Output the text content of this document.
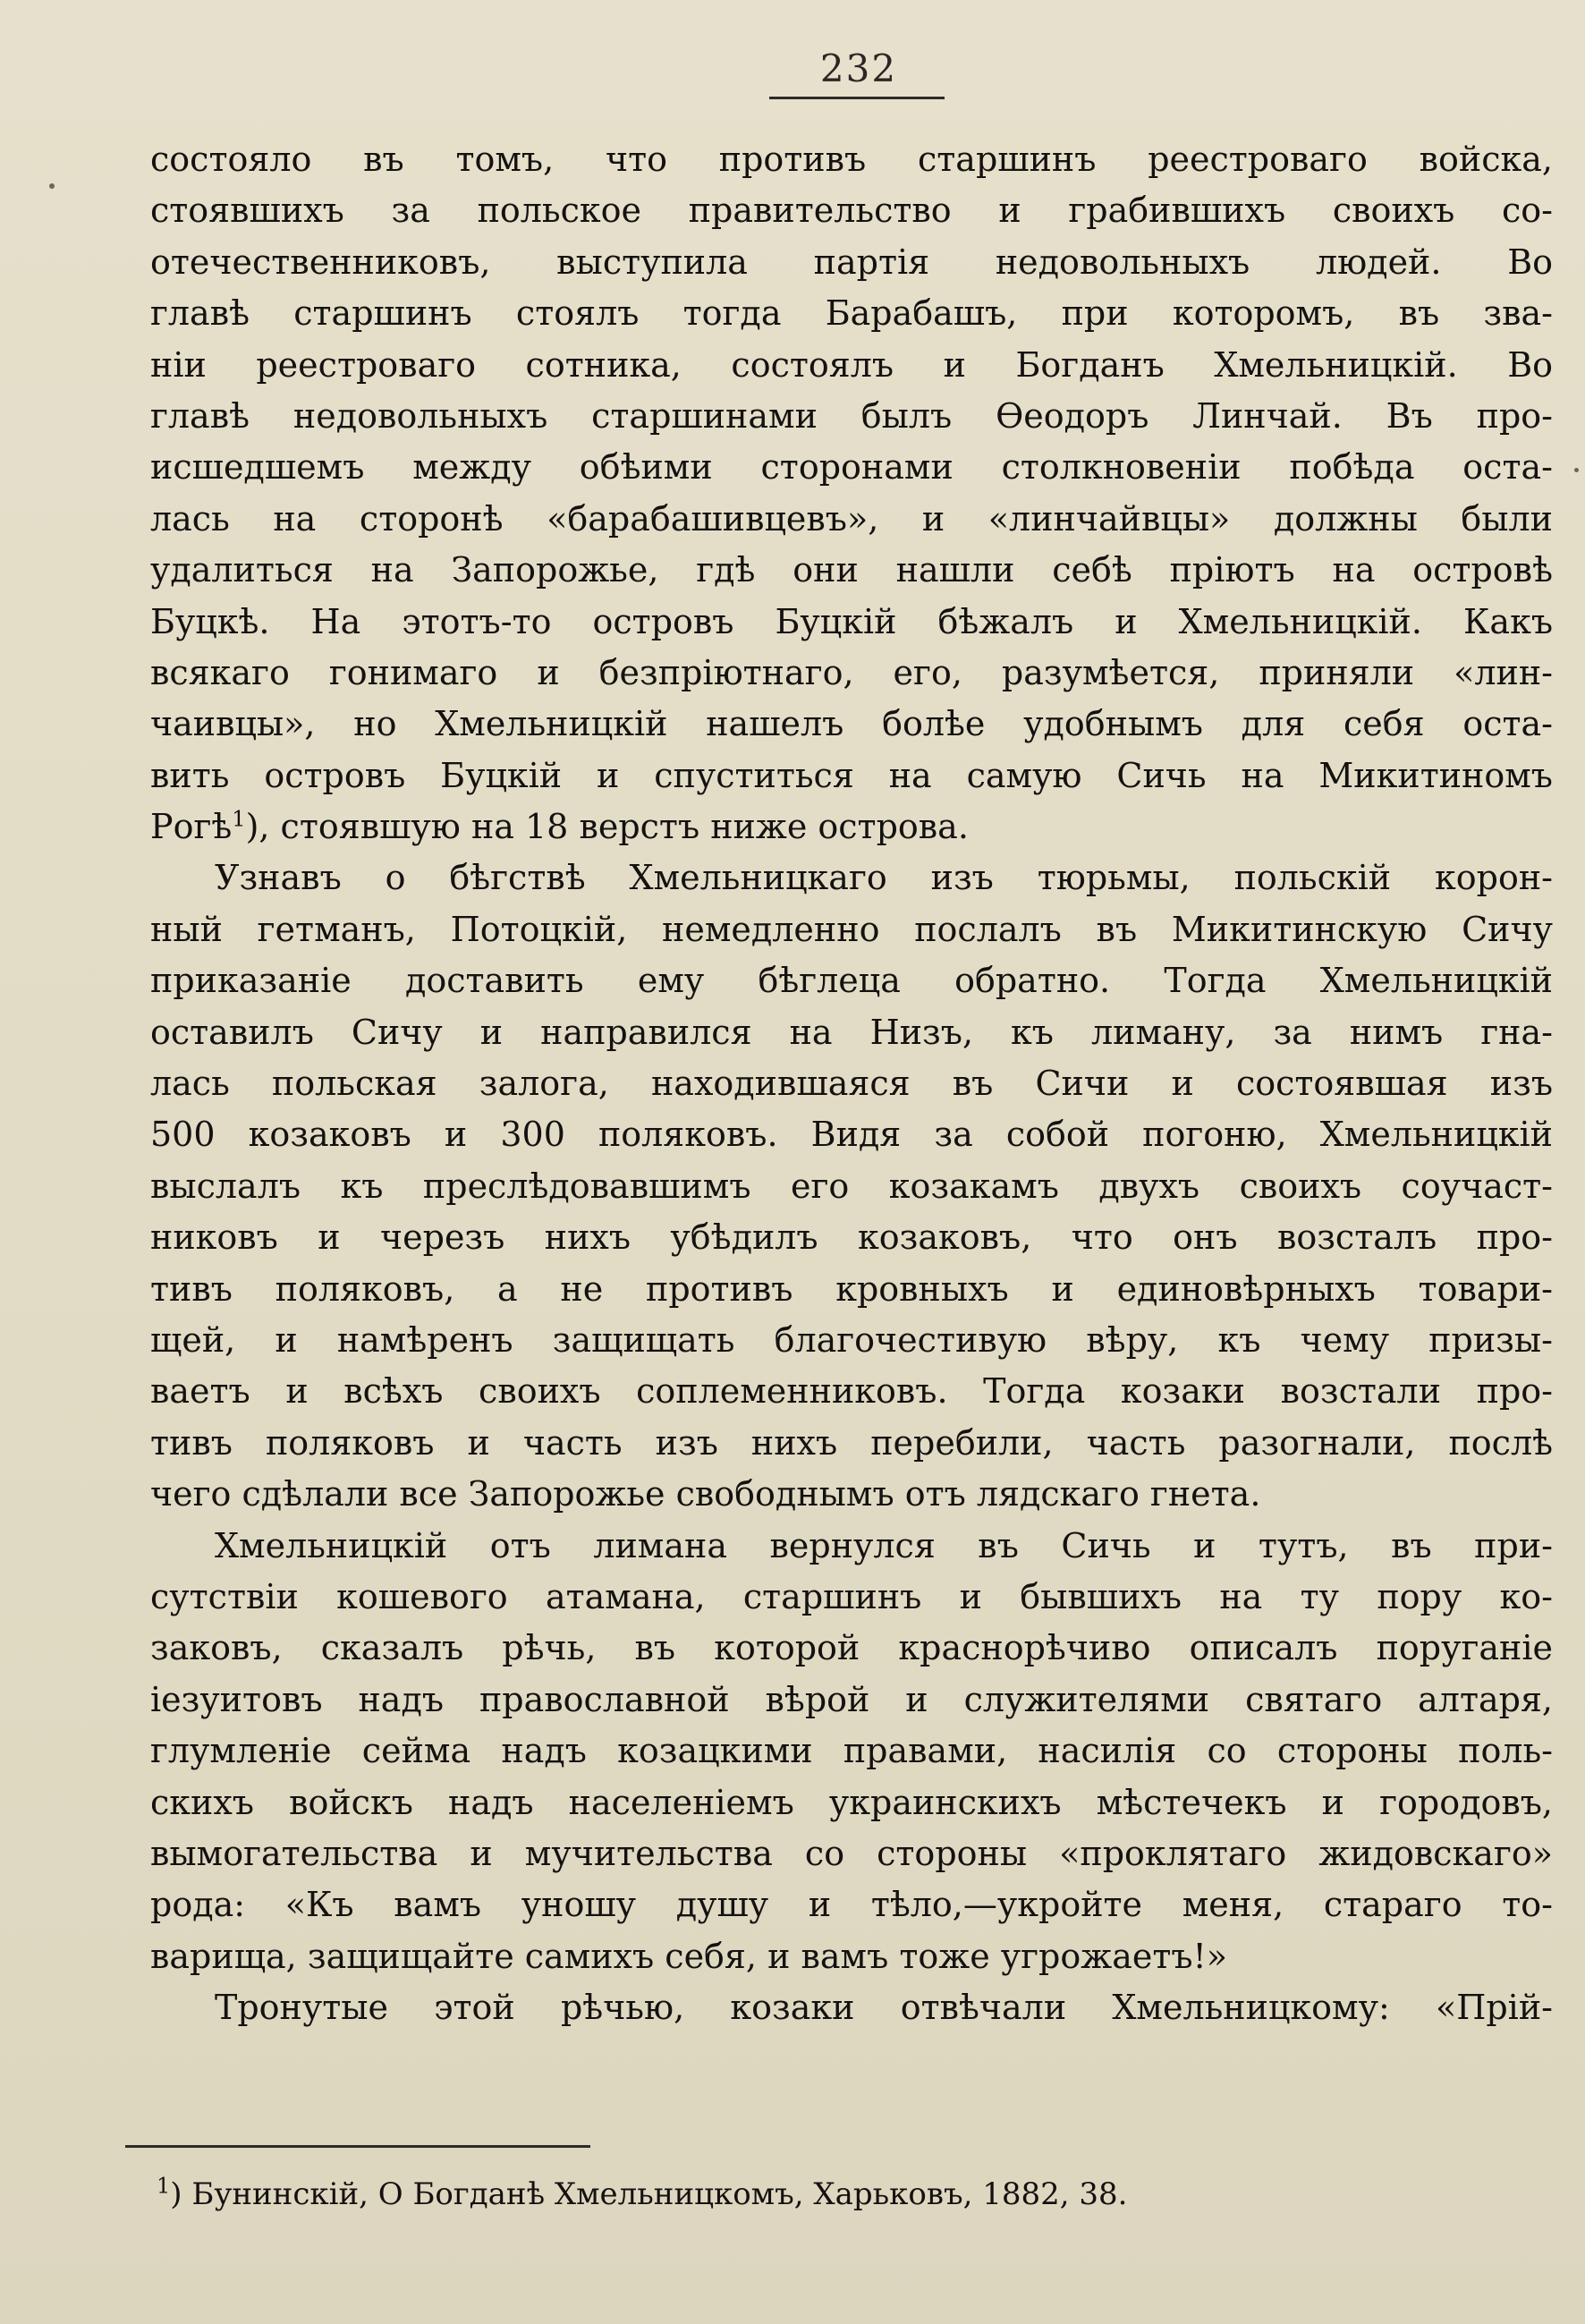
232
состояло въ томъ, что противъ старшинъ реестроваго войска,
стоявшихъ за польское правительство и грабившихъ своихъ со-
отечественниковъ, выступила партія недовольныхъ людей. Во
главѣ старшинъ стоялъ тогда Барабашъ, при которомъ, въ зва-
ніи реестроваго сотника, состоялъ и Богданъ Хмельницкій. Во
главѣ недовольныхъ старшинами былъ Ѳеодоръ Линчай. Въ про-
исшедшемъ между обѣими сторонами столкновеніи побѣда оста-
лась на сторонѣ «барабашивцевъ», и «линчайвцы» должны были
удалиться на Запорожье, гдѣ они нашли себѣ пріютъ на островѣ
Буцкѣ. На этотъ-то островъ Буцкій бѣжалъ и Хмельницкій. Какъ
всякаго гонимаго и безпріютнаго, его, разумѣется, приняли «лин-
чаивцы», но Хмельницкій нашелъ болѣе удобнымъ для себя оста-
вить островъ Буцкій и спуститься на самую Сичь на Микитиномъ
Рогѣ$^1$), стоявшую на 18 верстъ ниже острова.
Узнавъ о бѣгствѣ Хмельницкаго изъ тюрьмы, польскій корон-
ный гетманъ, Потоцкій, немедленно послалъ въ Микитинскую Сичу
приказаніе доставить ему бѣглеца обратно. Тогда Хмельницкій
оставилъ Сичу и направился на Низъ, къ лиману, за нимъ гна-
лась польская залога, находившаяся въ Сичи и состоявшая изъ
500 козаковъ и 300 поляковъ. Видя за собой погоню, Хмельницкій
выслалъ къ преслѣдовавшимъ его козакамъ двухъ своихъ соучаст-
никовъ и черезъ нихъ убѣдилъ козаковъ, что онъ возсталъ про-
тивъ поляковъ, а не противъ кровныхъ и единовѣрныхъ товари-
щей, и намѣренъ защищать благочестивую вѣру, къ чему призы-
ваетъ и всѣхъ своихъ соплеменниковъ. Тогда козаки возстали про-
тивъ поляковъ и часть изъ нихъ перебили, часть разогнали, послѣ
чего сдѣлали все Запорожье свободнымъ отъ лядскаго гнета.
Хмельницкій отъ лимана вернулся въ Сичь и тутъ, въ при-
сутствіи кошевого атамана, старшинъ и бывшихъ на ту пору ко-
заковъ, сказалъ рѣчь, въ которой краснорѣчиво описалъ поруганіе
іезуитовъ надъ православной вѣрой и служителями святаго алтаря,
глумленіе сейма надъ козацкими правами, насилія со стороны поль-
скихъ войскъ надъ населеніемъ украинскихъ мѣстечекъ и городовъ,
вымогательства и мучительства со стороны «проклятаго жидовскаго»
рода: «Къ вамъ уношу душу и тѣло,—укройте меня, стараго то-
варища, защищайте самихъ себя, и вамъ тоже угрожаетъ!»
Тронутые этой рѣчью, козаки отвѣчали Хмельницкому: «Прій-
$^1$) Бунинскій, О Богданѣ Хмельницкомъ, Харьковъ, 1882, 38.
